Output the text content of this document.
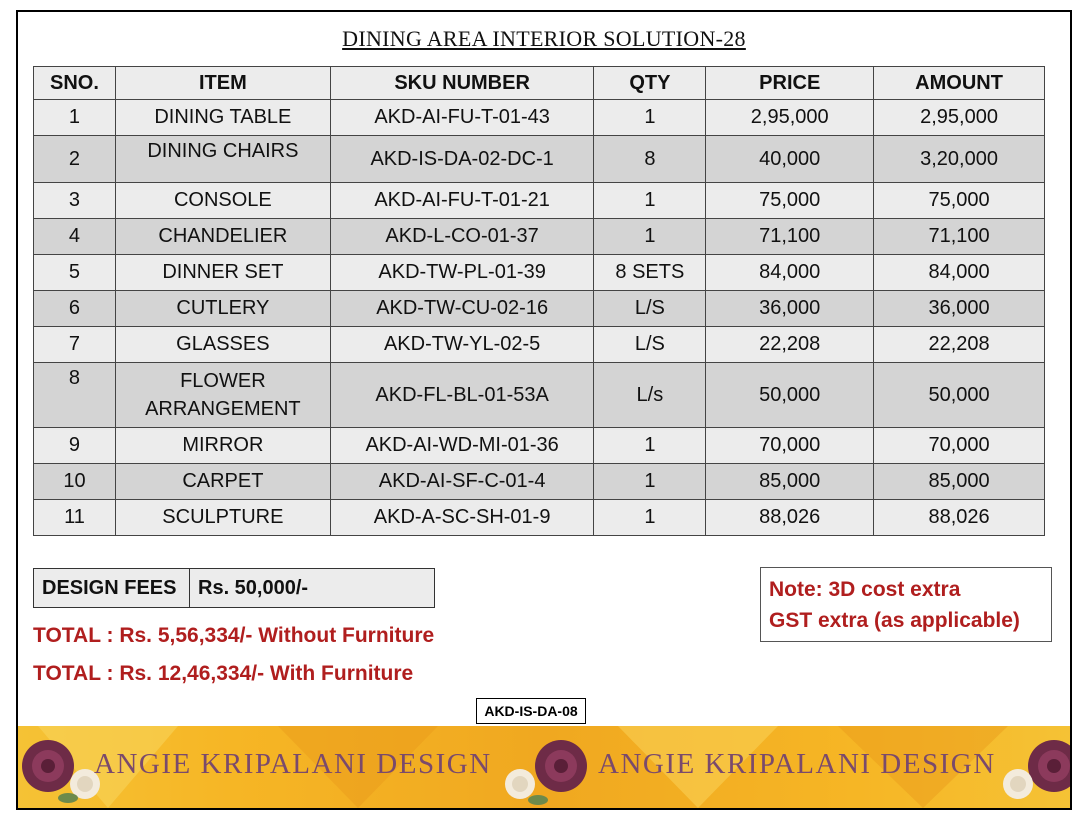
DINING AREA INTERIOR SOLUTION-28
SNO.	ITEM	SKU NUMBER	QTY	PRICE	AMOUNT
1	DINING TABLE	AKD-AI-FU-T-01-43	1	2,95,000	2,95,000
2	DINING CHAIRS	AKD-IS-DA-02-DC-1	8	40,000	3,20,000
3	CONSOLE	AKD-AI-FU-T-01-21	1	75,000	75,000
4	CHANDELIER	AKD-L-CO-01-37	1	71,100	71,100
5	DINNER SET	AKD-TW-PL-01-39	8 SETS	84,000	84,000
6	CUTLERY	AKD-TW-CU-02-16	L/S	36,000	36,000
7	GLASSES	AKD-TW-YL-02-5	L/S	22,208	22,208
8	FLOWER
ARRANGEMENT	AKD-FL-BL-01-53A	L/s	50,000	50,000
9	MIRROR	AKD-AI-WD-MI-01-36	1	70,000	70,000
10	CARPET	AKD-AI-SF-C-01-4	1	85,000	85,000
11	SCULPTURE	AKD-A-SC-SH-01-9	1	88,026	88,026
DESIGN FEES	Rs. 50,000/-
TOTAL : Rs. 5,56,334/- Without Furniture
TOTAL : Rs. 12,46,334/- With Furniture
Note: 3D cost extra
GST extra (as applicable)
AKD-IS-DA-08
ANGIE KRIPALANI DESIGN	ANGIE KRIPALANI DESIGN
